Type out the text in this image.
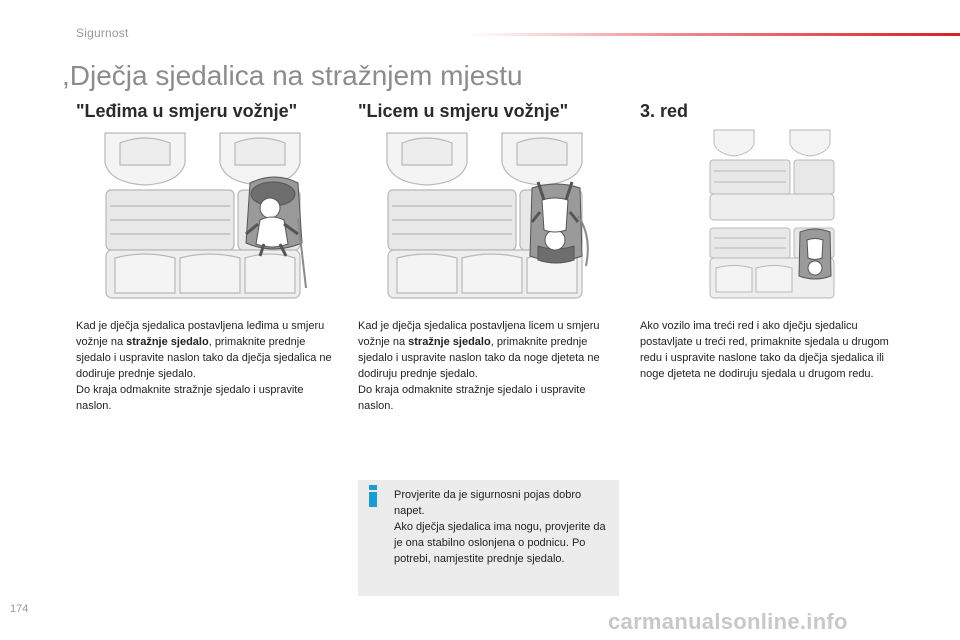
Sigurnost
,Dječja sjedalica na stražnjem mjestu
"Leđima u smjeru vožnje"	"Licem u smjeru vožnje"	3. red
Kad je dječja sjedalica postavljena leđima u smjeru vožnje na stražnje sjedalo, primaknite prednje sjedalo i uspravite naslon tako da dječja sjedalica ne dodiruje prednje sjedalo.
Do kraja odmaknite stražnje sjedalo i uspravite naslon.
Kad je dječja sjedalica postavljena licem u smjeru vožnje na stražnje sjedalo, primaknite prednje sjedalo i uspravite naslon tako da noge djeteta ne dodiruju prednje sjedalo.
Do kraja odmaknite stražnje sjedalo i uspravite naslon.
Ako vozilo ima treći red i ako dječju sjedalicu postavljate u treći red, primaknite sjedala u drugom redu i uspravite naslone tako da dječja sjedalica ili noge djeteta ne dodiruju sjedala u drugom redu.
Provjerite da je sigurnosni pojas dobro napet.
Ako dječja sjedalica ima nogu, provjerite da je ona stabilno oslonjena o podnicu. Po potrebi, namjestite prednje sjedalo.
174	carmanualsonline.info
